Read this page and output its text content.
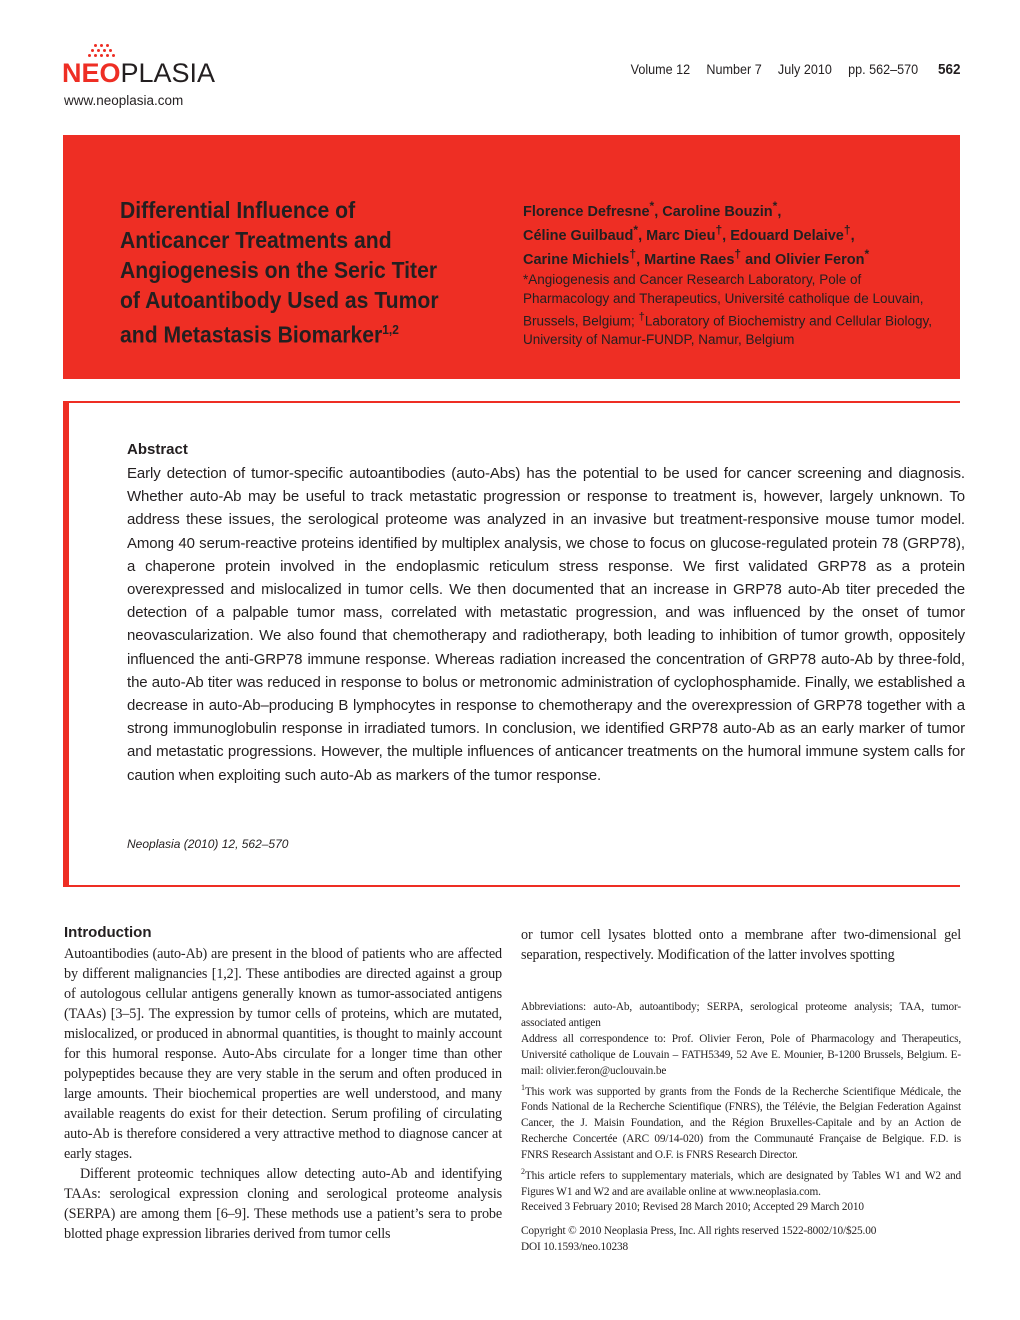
NEOPLASIA
www.neoplasia.com
Volume 12 Number 7 July 2010 pp. 562–570 562
Differential Influence of Anticancer Treatments and Angiogenesis on the Seric Titer of Autoantibody Used as Tumor and Metastasis Biomarker$^{1,2}$
Florence Defresne*, Caroline Bouzin*,
Céline Guilbaud*, Marc Dieu†, Edouard Delaive†,
Carine Michiels†, Martine Raes† and Olivier Feron*
*Angiogenesis and Cancer Research Laboratory, Pole of Pharmacology and Therapeutics, Université catholique de Louvain, Brussels, Belgium; †Laboratory of Biochemistry and Cellular Biology, University of Namur-FUNDP, Namur, Belgium
Abstract
Early detection of tumor-specific autoantibodies (auto-Abs) has the potential to be used for cancer screening and diagnosis. Whether auto-Ab may be useful to track metastatic progression or response to treatment is, however, largely unknown. To address these issues, the serological proteome was analyzed in an invasive but treatment-responsive mouse tumor model. Among 40 serum-reactive proteins identified by multiplex analysis, we chose to focus on glucose-regulated protein 78 (GRP78), a chaperone protein involved in the endoplasmic reticulum stress response. We first validated GRP78 as a protein overexpressed and mislocalized in tumor cells. We then documented that an increase in GRP78 auto-Ab titer preceded the detection of a palpable tumor mass, correlated with metastatic progression, and was influenced by the onset of tumor neovascularization. We also found that chemotherapy and radiotherapy, both leading to inhibition of tumor growth, oppositely influenced the anti-GRP78 immune response. Whereas radiation increased the concentration of GRP78 auto-Ab by three-fold, the auto-Ab titer was reduced in response to bolus or metronomic administration of cyclophosphamide. Finally, we established a decrease in auto-Ab–producing B lymphocytes in response to chemotherapy and the overexpression of GRP78 together with a strong immunoglobulin response in irradiated tumors. In conclusion, we identified GRP78 auto-Ab as an early marker of tumor and metastatic progressions. However, the multiple influences of anticancer treatments on the humoral immune system calls for caution when exploiting such auto-Ab as markers of the tumor response.
Neoplasia (2010) 12, 562–570
Introduction

Autoantibodies (auto-Ab) are present in the blood of patients who are affected by different malignancies [1,2]. These antibodies are directed against a group of autologous cellular antigens generally known as tumor-associated antigens (TAAs) [3–5]. The expression by tumor cells of proteins, which are mutated, mislocalized, or produced in abnormal quantities, is thought to mainly account for this humoral response. Auto-Abs circulate for a longer time than other polypeptides because they are very stable in the serum and often produced in large amounts. Their biochemical properties are well understood, and many available reagents do exist for their detection. Serum profiling of circulating auto-Ab is therefore considered a very attractive method to diagnose cancer at early stages.

Different proteomic techniques allow detecting auto-Ab and identifying TAAs: serological expression cloning and serological proteome analysis (SERPA) are among them [6–9]. These methods use a patient’s sera to probe blotted phage expression libraries derived from tumor cells

or tumor cell lysates blotted onto a membrane after two-dimensional gel separation, respectively. Modification of the latter involves spotting

Abbreviations: auto-Ab, autoantibody; SERPA, serological proteome analysis; TAA, tumor-associated antigen

Address all correspondence to: Prof. Olivier Feron, Pole of Pharmacology and Therapeutics, Université catholique de Louvain – FATH5349, 52 Ave E. Mounier, B-1200 Brussels, Belgium. E-mail: olivier.feron@uclouvain.be

$^1$This work was supported by grants from the Fonds de la Recherche Scientifique Médicale, the Fonds National de la Recherche Scientifique (FNRS), the Télévie, the Belgian Federation Against Cancer, the J. Maisin Foundation, and the Région Bruxelles-Capitale and by an Action de Recherche Concertée (ARC 09/14-020) from the Communauté Française de Belgique. F.D. is FNRS Research Assistant and O.F. is FNRS Research Director.

$^2$This article refers to supplementary materials, which are designated by Tables W1 and W2 and Figures W1 and W2 and are available online at www.neoplasia.com.

Received 3 February 2010; Revised 28 March 2010; Accepted 29 March 2010

Copyright © 2010 Neoplasia Press, Inc. All rights reserved 1522-8002/10/$25.00

DOI 10.1593/neo.10238
